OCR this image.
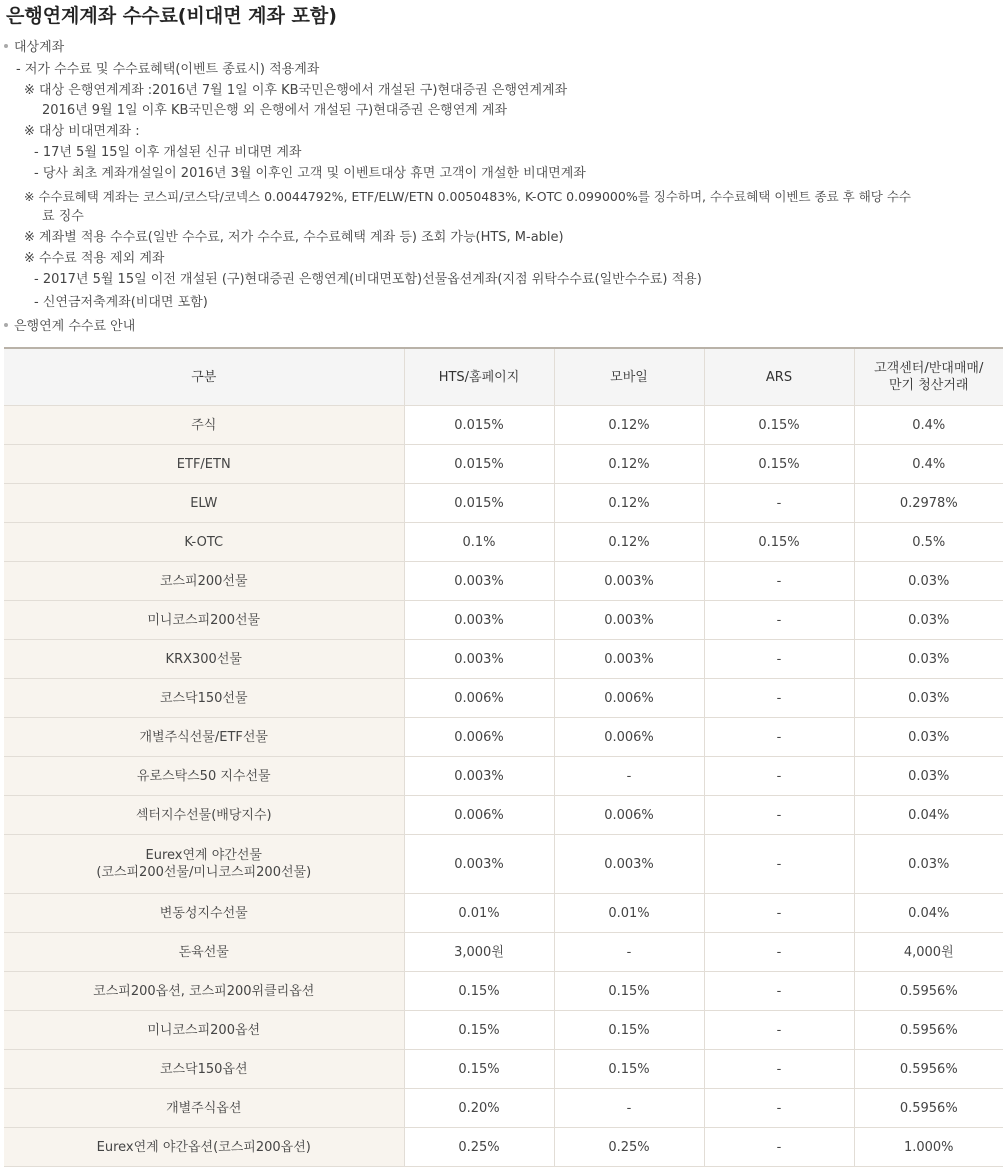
은행연계계좌 수수료(비대면 계좌 포함)
대상계좌
- 저가 수수료 및 수수료혜택(이벤트 종료시) 적용계좌
※ 대상 은행연계계좌 :2016년 7월 1일 이후 KB국민은행에서 개설된 구)현대증권 은행연계계좌
2016년 9월 1일 이후 KB국민은행 외 은행에서 개설된 구)현대증권 은행연계 계좌
※ 대상 비대면계좌 :
- 17년 5월 15일 이후 개설된 신규 비대면 계좌
- 당사 최초 계좌개설일이 2016년 3월 이후인 고객 및 이벤트대상 휴면 고객이 개설한 비대면계좌
※ 수수료혜택 계좌는 코스피/코스닥/코넥스 0.0044792%, ETF/ELW/ETN 0.0050483%, K-OTC 0.099000%를 징수하며, 수수료혜택 이벤트 종료 후 해당 수수
료 징수
※ 계좌별 적용 수수료(일반 수수료, 저가 수수료, 수수료혜택 계좌 등) 조회 가능(HTS, M-able)
※ 수수료 적용 제외 계좌
- 2017년 5월 15일 이전 개설된 (구)현대증권 은행연계(비대면포함)선물옵션계좌(지점 위탁수수료(일반수수료) 적용)
- 신연금저축계좌(비대면 포함)
은행연계 수수료 안내
구분	HTS/홈페이지	모바일	ARS	고객센터/반대매매/
만기 청산거래
주식	0.015%	0.12%	0.15%	0.4%
ETF/ETN	0.015%	0.12%	0.15%	0.4%
ELW	0.015%	0.12%	-	0.2978%
K-OTC	0.1%	0.12%	0.15%	0.5%
코스피200선물	0.003%	0.003%	-	0.03%
미니코스피200선물	0.003%	0.003%	-	0.03%
KRX300선물	0.003%	0.003%	-	0.03%
코스닥150선물	0.006%	0.006%	-	0.03%
개별주식선물/ETF선물	0.006%	0.006%	-	0.03%
유로스탁스50 지수선물	0.003%	-	-	0.03%
섹터지수선물(배당지수)	0.006%	0.006%	-	0.04%
Eurex연계 야간선물
(코스피200선물/미니코스피200선물)	0.003%	0.003%	-	0.03%
변동성지수선물	0.01%	0.01%	-	0.04%
돈육선물	3,000원	-	-	4,000원
코스피200옵션, 코스피200위클리옵션	0.15%	0.15%	-	0.5956%
미니코스피200옵션	0.15%	0.15%	-	0.5956%
코스닥150옵션	0.15%	0.15%	-	0.5956%
개별주식옵션	0.20%	-	-	0.5956%
Eurex연계 야간옵션(코스피200옵션)	0.25%	0.25%	-	1.000%
